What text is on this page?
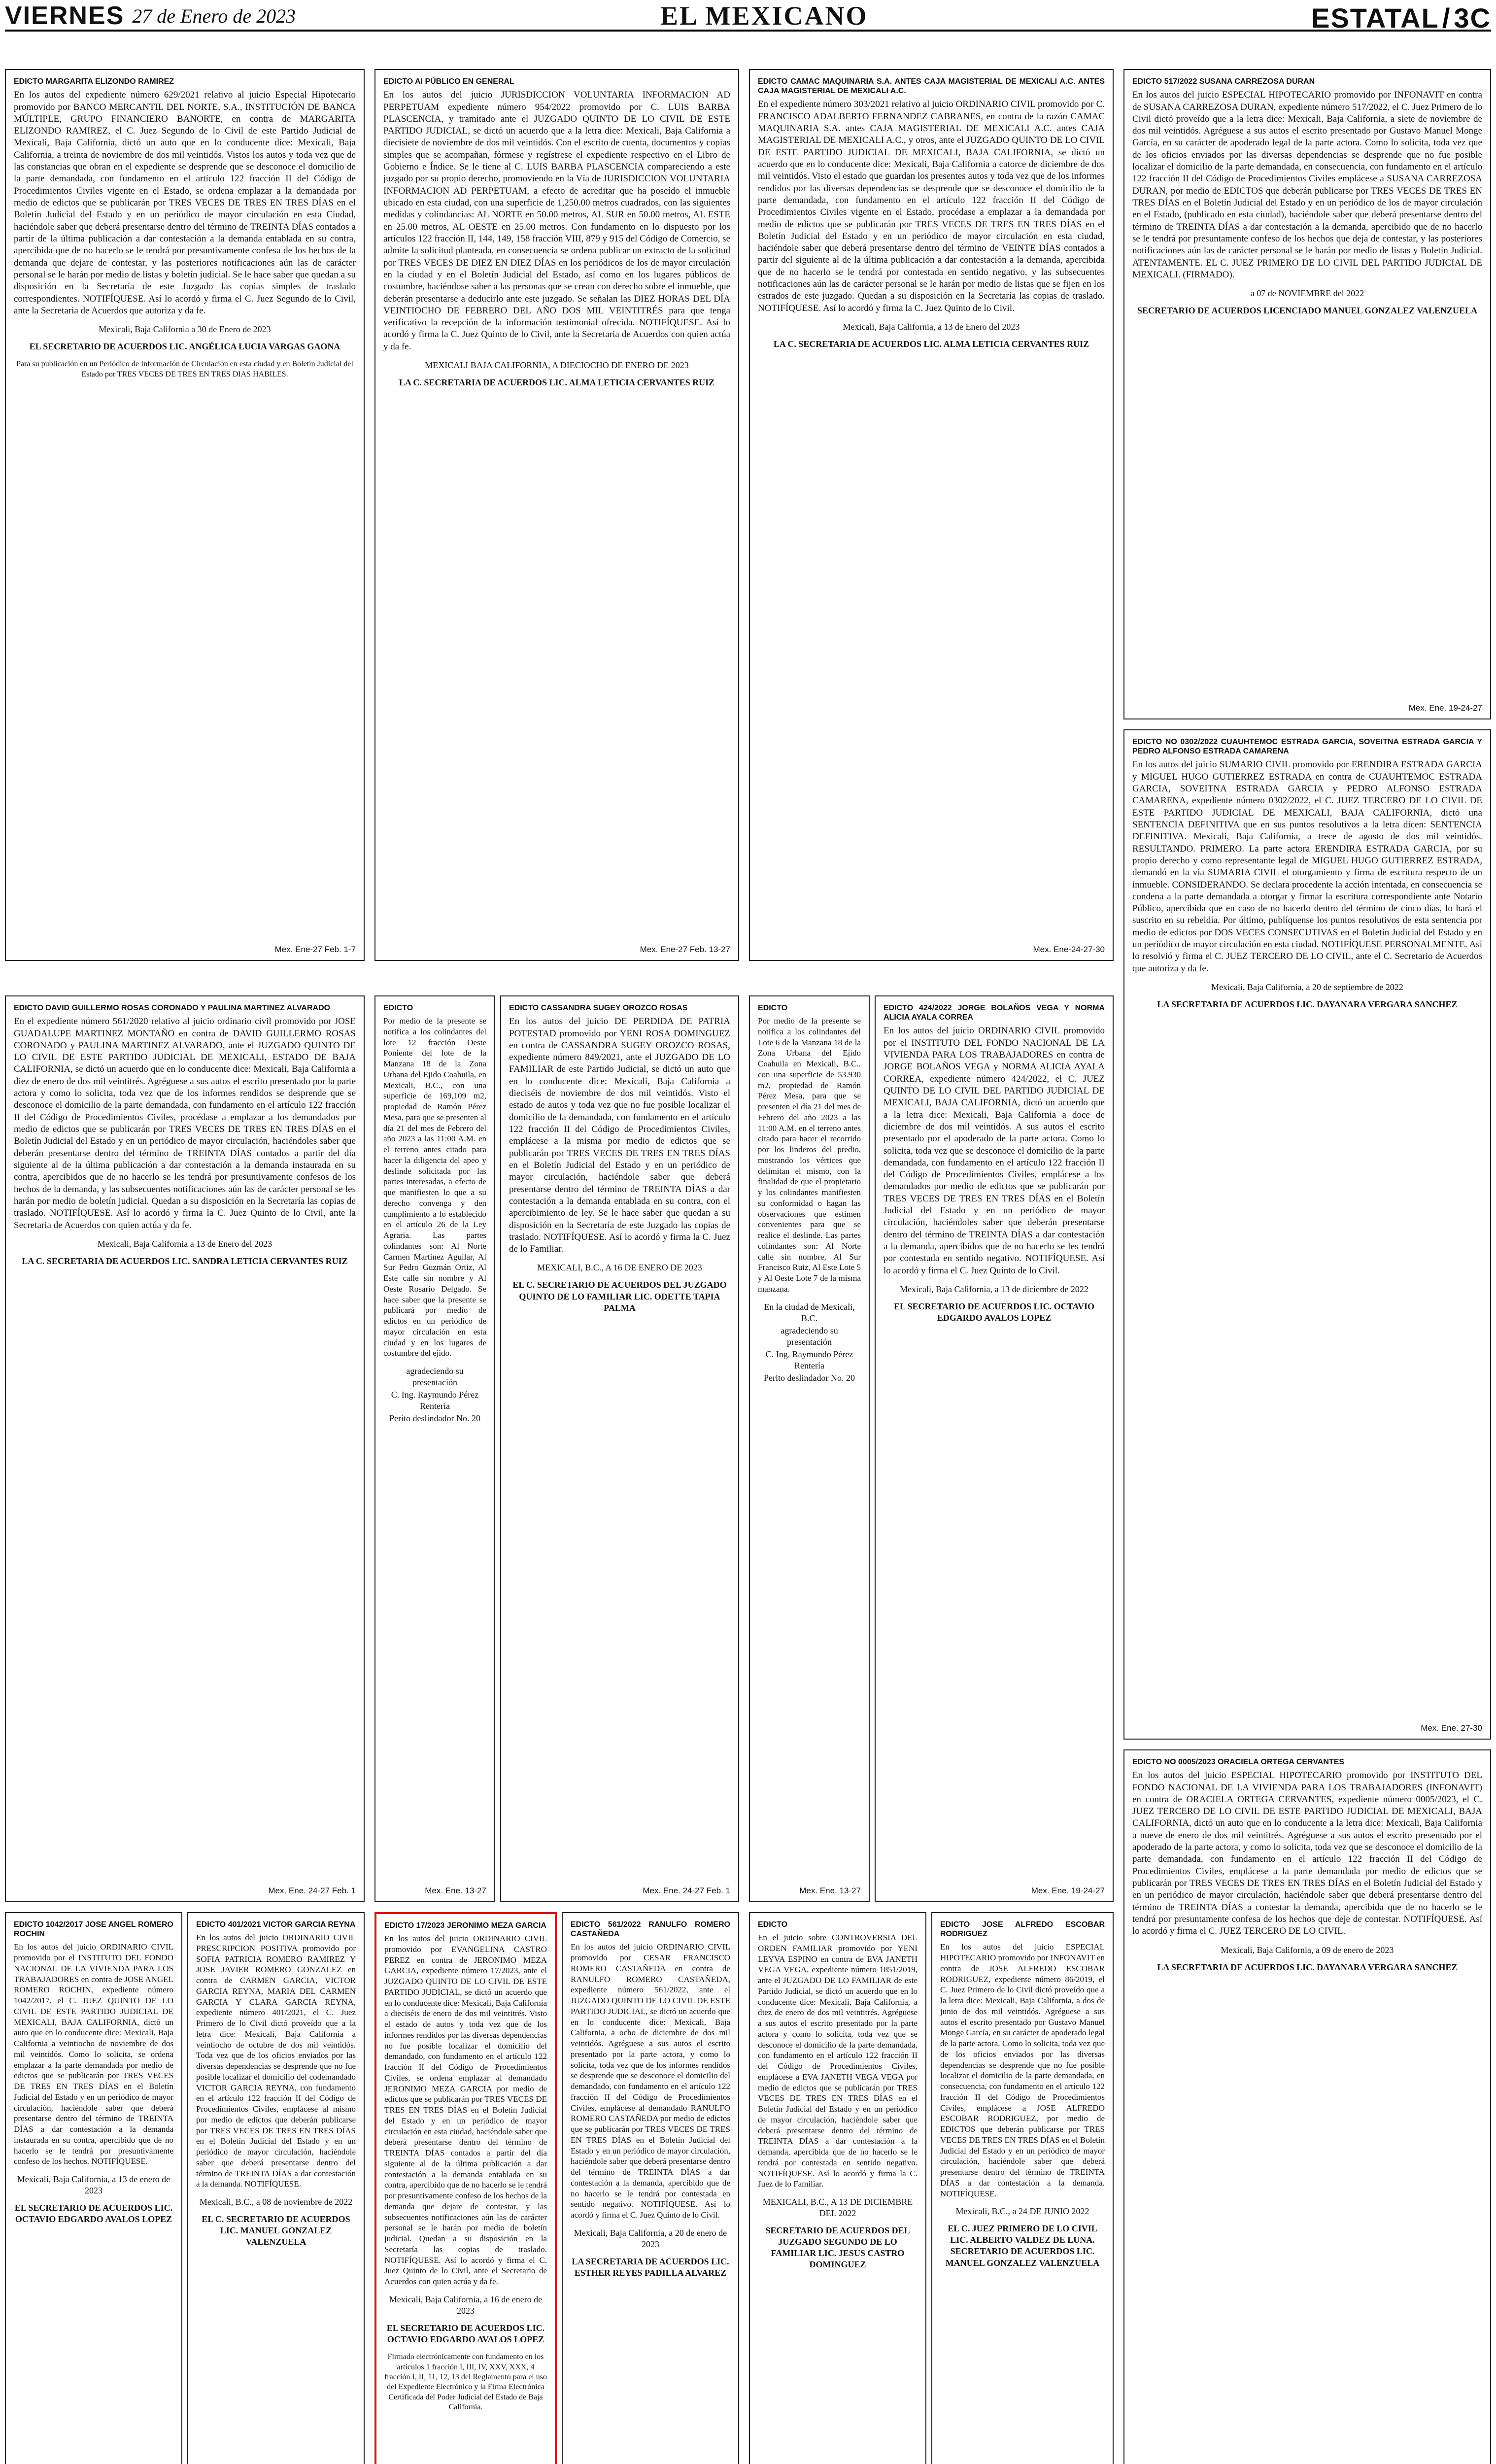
VIERNES 27 de Enero de 2023	EL MEXICANO	ESTATAL / 3C
EDICTO MARGARITA ELIZONDO RAMIREZ
En los autos del expediente número 629/2021 relativo al juicio Especial Hipotecario promovido por BANCO MERCANTIL DEL NORTE, S.A., INSTITUCIÓN DE BANCA MÚLTIPLE, GRUPO FINANCIERO BANORTE, en contra de MARGARITA ELIZONDO RAMIREZ, el C. Juez Segundo de lo Civil de este Partido Judicial de Mexicali, Baja California, dictó un auto que en lo conducente dice: Mexicali, Baja California, a treinta de noviembre de dos mil veintidós. Vistos los autos y toda vez que de las constancias que obran en el expediente se desprende que se desconoce el domicilio de la parte demandada, con fundamento en el artículo 122 fracción II del Código de Procedimientos Civiles vigente en el Estado, se ordena emplazar a la demandada por medio de edictos que se publicarán por TRES VECES DE TRES EN TRES DÍAS en el Boletín Judicial del Estado y en un periódico de mayor circulación en esta Ciudad, haciéndole saber que deberá presentarse dentro del término de TREINTA DÍAS contados a partir de la última publicación a dar contestación a la demanda entablada en su contra, apercibida que de no hacerlo se le tendrá por presuntivamente confesa de los hechos de la demanda que dejare de contestar, y las posteriores notificaciones aún las de carácter personal se le harán por medio de listas y boletín judicial. Se le hace saber que quedan a su disposición en la Secretaría de este Juzgado las copias simples de traslado correspondientes. NOTIFÍQUESE. Así lo acordó y firma el C. Juez Segundo de lo Civil, ante la Secretaria de Acuerdos que autoriza y da fe.
Mexicali, Baja California a 30 de Enero de 2023
EL SECRETARIO DE ACUERDOS LIC. ANGÉLICA LUCIA VARGAS GAONA
Para su publicación en un Periódico de Información de Circulación en esta ciudad y en Boletín Judicial del Estado por TRES VECES DE TRES EN TRES DIAS HABILES.
Mex. Ene-27 Feb. 1-7
EDICTO AI PÚBLICO EN GENERAL
En los autos del juicio JURISDICCION VOLUNTARIA INFORMACION AD PERPETUAM expediente número 954/2022 promovido por C. LUIS BARBA PLASCENCIA, y tramitado ante el JUZGADO QUINTO DE LO CIVIL DE ESTE PARTIDO JUDICIAL, se dictó un acuerdo que a la letra dice: Mexicali, Baja California a diecisiete de noviembre de dos mil veintidós. Con el escrito de cuenta, documentos y copias simples que se acompañan, fórmese y regístrese el expediente respectivo en el Libro de Gobierno e Índice. Se le tiene al C. LUIS BARBA PLASCENCIA compareciendo a este juzgado por su propio derecho, promoviendo en la Vía de JURISDICCION VOLUNTARIA INFORMACION AD PERPETUAM, a efecto de acreditar que ha poseído el inmueble ubicado en esta ciudad, con una superficie de 1,250.00 metros cuadrados, con las siguientes medidas y colindancias: AL NORTE en 50.00 metros, AL SUR en 50.00 metros, AL ESTE en 25.00 metros, AL OESTE en 25.00 metros. Con fundamento en lo dispuesto por los artículos 122 fracción II, 144, 149, 158 fracción VIII, 879 y 915 del Código de Comercio, se admite la solicitud planteada, en consecuencia se ordena publicar un extracto de la solicitud por TRES VECES DE DIEZ EN DIEZ DÍAS en los periódicos de los de mayor circulación en la ciudad y en el Boletín Judicial del Estado, así como en los lugares públicos de costumbre, haciéndose saber a las personas que se crean con derecho sobre el inmueble, que deberán presentarse a deducirlo ante este juzgado. Se señalan las DIEZ HORAS DEL DÍA VEINTIOCHO DE FEBRERO DEL AÑO DOS MIL VEINTITRÉS para que tenga verificativo la recepción de la información testimonial ofrecida. NOTIFÍQUESE. Así lo acordó y firma la C. Juez Quinto de lo Civil, ante la Secretaria de Acuerdos con quien actúa y da fe.
MEXICALI BAJA CALIFORNIA, A DIECIOCHO DE ENERO DE 2023
LA C. SECRETARIA DE ACUERDOS LIC. ALMA LETICIA CERVANTES RUIZ
Mex. Ene-27 Feb. 13-27
EDICTO CAMAC MAQUINARIA S.A. ANTES CAJA MAGISTERIAL DE MEXICALI A.C. ANTES CAJA MAGISTERIAL DE MEXICALI A.C.
En el expediente número 303/2021 relativo al juicio ORDINARIO CIVIL promovido por C. FRANCISCO ADALBERTO FERNANDEZ CABRANES, en contra de la razón CAMAC MAQUINARIA S.A. antes CAJA MAGISTERIAL DE MEXICALI A.C. antes CAJA MAGISTERIAL DE MEXICALI A.C., y otros, ante el JUZGADO QUINTO DE LO CIVIL DE ESTE PARTIDO JUDICIAL DE MEXICALI, BAJA CALIFORNIA, se dictó un acuerdo que en lo conducente dice: Mexicali, Baja California a catorce de diciembre de dos mil veintidós. Visto el estado que guardan los presentes autos y toda vez que de los informes rendidos por las diversas dependencias se desprende que se desconoce el domicilio de la parte demandada, con fundamento en el artículo 122 fracción II del Código de Procedimientos Civiles vigente en el Estado, procédase a emplazar a la demandada por medio de edictos que se publicarán por TRES VECES DE TRES EN TRES DÍAS en el Boletín Judicial del Estado y en un periódico de mayor circulación en esta ciudad, haciéndole saber que deberá presentarse dentro del término de VEINTE DÍAS contados a partir del siguiente al de la última publicación a dar contestación a la demanda, apercibida que de no hacerlo se le tendrá por contestada en sentido negativo, y las subsecuentes notificaciones aún las de carácter personal se le harán por medio de listas que se fijen en los estrados de este juzgado. Quedan a su disposición en la Secretaría las copias de traslado. NOTIFÍQUESE. Así lo acordó y firma la C. Juez Quinto de lo Civil.
Mexicali, Baja California, a 13 de Enero del 2023
LA C. SECRETARIA DE ACUERDOS LIC. ALMA LETICIA CERVANTES RUIZ
Mex. Ene-24-27-30
EDICTO 517/2022 SUSANA CARREZOSA DURAN
En los autos del juicio ESPECIAL HIPOTECARIO promovido por INFONAVIT en contra de SUSANA CARREZOSA DURAN, expediente número 517/2022, el C. Juez Primero de lo Civil dictó proveído que a la letra dice: Mexicali, Baja California, a siete de noviembre de dos mil veintidós. Agréguese a sus autos el escrito presentado por Gustavo Manuel Monge García, en su carácter de apoderado legal de la parte actora. Como lo solicita, toda vez que de los oficios enviados por las diversas dependencias se desprende que no fue posible localizar el domicilio de la parte demandada, en consecuencia, con fundamento en el artículo 122 fracción II del Código de Procedimientos Civiles emplácese a SUSANA CARREZOSA DURAN, por medio de EDICTOS que deberán publicarse por TRES VECES DE TRES EN TRES DÍAS en el Boletín Judicial del Estado y en un periódico de los de mayor circulación en el Estado, (publicado en esta ciudad), haciéndole saber que deberá presentarse dentro del término de TREINTA DÍAS a dar contestación a la demanda, apercibido que de no hacerlo se le tendrá por presuntamente confeso de los hechos que deja de contestar, y las posteriores notificaciones aún las de carácter personal se le harán por medio de listas y Boletín Judicial. ATENTAMENTE. EL C. JUEZ PRIMERO DE LO CIVIL DEL PARTIDO JUDICIAL DE MEXICALI. (FIRMADO).
a 07 de NOVIEMBRE del 2022
SECRETARIO DE ACUERDOS LICENCIADO MANUEL GONZALEZ VALENZUELA
Mex. Ene. 19-24-27
EDICTO NO 0302/2022 CUAUHTEMOC ESTRADA GARCIA, SOVEITNA ESTRADA GARCIA Y PEDRO ALFONSO ESTRADA CAMARENA
En los autos del juicio SUMARIO CIVIL promovido por ERENDIRA ESTRADA GARCIA y MIGUEL HUGO GUTIERREZ ESTRADA en contra de CUAUHTEMOC ESTRADA GARCIA, SOVEITNA ESTRADA GARCIA y PEDRO ALFONSO ESTRADA CAMARENA, expediente número 0302/2022, el C. JUEZ TERCERO DE LO CIVIL DE ESTE PARTIDO JUDICIAL DE MEXICALI, BAJA CALIFORNIA, dictó una SENTENCIA DEFINITIVA que en sus puntos resolutivos a la letra dicen: SENTENCIA DEFINITIVA. Mexicali, Baja California, a trece de agosto de dos mil veintidós. RESULTANDO. PRIMERO. La parte actora ERENDIRA ESTRADA GARCIA, por su propio derecho y como representante legal de MIGUEL HUGO GUTIERREZ ESTRADA, demandó en la vía SUMARIA CIVIL el otorgamiento y firma de escritura respecto de un inmueble. CONSIDERANDO. Se declara procedente la acción intentada, en consecuencia se condena a la parte demandada a otorgar y firmar la escritura correspondiente ante Notario Público, apercibida que en caso de no hacerlo dentro del término de cinco días, lo hará el suscrito en su rebeldía. Por último, publíquense los puntos resolutivos de esta sentencia por medio de edictos por DOS VECES CONSECUTIVAS en el Boletín Judicial del Estado y en un periódico de mayor circulación en esta ciudad. NOTIFÍQUESE PERSONALMENTE. Así lo resolvió y firma el C. JUEZ TERCERO DE LO CIVIL, ante el C. Secretario de Acuerdos que autoriza y da fe.
Mexicali, Baja California, a 20 de septiembre de 2022
LA SECRETARIA DE ACUERDOS LIC. DAYANARA VERGARA SANCHEZ
Mex. Ene. 27-30
EDICTO NO 0005/2023 ORACIELA ORTEGA CERVANTES
En los autos del juicio ESPECIAL HIPOTECARIO promovido por INSTITUTO DEL FONDO NACIONAL DE LA VIVIENDA PARA LOS TRABAJADORES (INFONAVIT) en contra de ORACIELA ORTEGA CERVANTES, expediente número 0005/2023, el C. JUEZ TERCERO DE LO CIVIL DE ESTE PARTIDO JUDICIAL DE MEXICALI, BAJA CALIFORNIA, dictó un auto que en lo conducente a la letra dice: Mexicali, Baja California a nueve de enero de dos mil veintitrés. Agréguese a sus autos el escrito presentado por el apoderado de la parte actora, y como lo solicita, toda vez que se desconoce el domicilio de la parte demandada, con fundamento en el artículo 122 fracción II del Código de Procedimientos Civiles, emplácese a la parte demandada por medio de edictos que se publicarán por TRES VECES DE TRES EN TRES DÍAS en el Boletín Judicial del Estado y en un periódico de mayor circulación, haciéndole saber que deberá presentarse dentro del término de TREINTA DÍAS a contestar la demanda, apercibida que de no hacerlo se le tendrá por presuntamente confesa de los hechos que deje de contestar. NOTIFÍQUESE. Así lo acordó y firma el C. JUEZ TERCERO DE LO CIVIL.
Mexicali, Baja California, a 09 de enero de 2023
LA SECRETARIA DE ACUERDOS LIC. DAYANARA VERGARA SANCHEZ
EDICTO DAVID GUILLERMO ROSAS CORONADO Y PAULINA MARTINEZ ALVARADO
En el expediente número 561/2020 relativo al juicio ordinario civil promovido por JOSE GUADALUPE MARTINEZ MONTAÑO en contra de DAVID GUILLERMO ROSAS CORONADO y PAULINA MARTINEZ ALVARADO, ante el JUZGADO QUINTO DE LO CIVIL DE ESTE PARTIDO JUDICIAL DE MEXICALI, ESTADO DE BAJA CALIFORNIA, se dictó un acuerdo que en lo conducente dice: Mexicali, Baja California a diez de enero de dos mil veintitrés. Agréguese a sus autos el escrito presentado por la parte actora y como lo solicita, toda vez que de los informes rendidos se desprende que se desconoce el domicilio de la parte demandada, con fundamento en el artículo 122 fracción II del Código de Procedimientos Civiles, procédase a emplazar a los demandados por medio de edictos que se publicarán por TRES VECES DE TRES EN TRES DÍAS en el Boletín Judicial del Estado y en un periódico de mayor circulación, haciéndoles saber que deberán presentarse dentro del término de TREINTA DÍAS contados a partir del día siguiente al de la última publicación a dar contestación a la demanda instaurada en su contra, apercibidos que de no hacerlo se les tendrá por presuntivamente confesos de los hechos de la demanda, y las subsecuentes notificaciones aún las de carácter personal se les harán por medio de boletín judicial. Quedan a su disposición en la Secretaría las copias de traslado. NOTIFÍQUESE. Así lo acordó y firma la C. Juez Quinto de lo Civil, ante la Secretaria de Acuerdos con quien actúa y da fe.
Mexicali, Baja California a 13 de Enero del 2023
LA C. SECRETARIA DE ACUERDOS LIC. SANDRA LETICIA CERVANTES RUIZ
Mex. Ene. 24-27 Feb. 1
EDICTO
Por medio de la presente se notifica a los colindantes del lote 12 fracción Oeste Poniente del lote de la Manzana 18 de la Zona Urbana del Ejido Coahuila, en Mexicali, B.C., con una superficie de 169,109 m2, propiedad de Ramón Pérez Mesa, para que se presenten al día 21 del mes de Febrero del año 2023 a las 11:00 A.M. en el terreno antes citado para hacer la diligencia del apeo y deslinde solicitada por las partes interesadas, a efecto de que manifiesten lo que a su derecho convenga y den cumplimiento a lo establecido en el artículo 26 de la Ley Agraria. Las partes colindantes son: Al Norte Carmen Martínez Aguilar, Al Sur Pedro Guzmán Ortiz, Al Este calle sin nombre y Al Oeste Rosario Delgado. Se hace saber que la presente se publicará por medio de edictos en un periódico de mayor circulación en esta ciudad y en los lugares de costumbre del ejido.
agradeciendo su presentación
C. Ing. Raymundo Pérez Rentería
Perito deslindador No. 20
Mex. Ene. 13-27
EDICTO CASSANDRA SUGEY OROZCO ROSAS
En los autos del juicio DE PERDIDA DE PATRIA POTESTAD promovido por YENI ROSA DOMINGUEZ en contra de CASSANDRA SUGEY OROZCO ROSAS, expediente número 849/2021, ante el JUZGADO DE LO FAMILIAR de este Partido Judicial, se dictó un auto que en lo conducente dice: Mexicali, Baja California a dieciséis de noviembre de dos mil veintidós. Visto el estado de autos y toda vez que no fue posible localizar el domicilio de la demandada, con fundamento en el artículo 122 fracción II del Código de Procedimientos Civiles, emplácese a la misma por medio de edictos que se publicarán por TRES VECES DE TRES EN TRES DÍAS en el Boletín Judicial del Estado y en un periódico de mayor circulación, haciéndole saber que deberá presentarse dentro del término de TREINTA DÍAS a dar contestación a la demanda entablada en su contra, con el apercibimiento de ley. Se le hace saber que quedan a su disposición en la Secretaría de este Juzgado las copias de traslado. NOTIFÍQUESE. Así lo acordó y firma la C. Juez de lo Familiar.
MEXICALI, B.C., A 16 DE ENERO DE 2023
EL C. SECRETARIO DE ACUERDOS DEL JUZGADO QUINTO DE LO FAMILIAR LIC. ODETTE TAPIA PALMA
Mex. Ene. 24-27 Feb. 1
EDICTO
Por medio de la presente se notifica a los colindantes del Lote 6 de la Manzana 18 de la Zona Urbana del Ejido Coahuila en Mexicali, B.C., con una superficie de 53.930 m2, propiedad de Ramón Pérez Mesa, para que se presenten el día 21 del mes de Febrero del año 2023 a las 11:00 A.M. en el terreno antes citado para hacer el recorrido por los linderos del predio, mostrando los vértices que delimitan el mismo, con la finalidad de que el propietario y los colindantes manifiesten su conformidad o hagan las observaciones que estimen convenientes para que se realice el deslinde. Las partes colindantes son: Al Norte calle sin nombre, Al Sur Francisco Ruiz, Al Este Lote 5 y Al Oeste Lote 7 de la misma manzana.
En la ciudad de Mexicali, B.C.
agradeciendo su presentación
C. Ing. Raymundo Pérez Rentería
Perito deslindador No. 20
Mex. Ene. 13-27
EDICTO 424/2022 JORGE BOLAÑOS VEGA Y NORMA ALICIA AYALA CORREA
En los autos del juicio ORDINARIO CIVIL promovido por el INSTITUTO DEL FONDO NACIONAL DE LA VIVIENDA PARA LOS TRABAJADORES en contra de JORGE BOLAÑOS VEGA y NORMA ALICIA AYALA CORREA, expediente número 424/2022, el C. JUEZ QUINTO DE LO CIVIL DEL PARTIDO JUDICIAL DE MEXICALI, BAJA CALIFORNIA, dictó un acuerdo que a la letra dice: Mexicali, Baja California a doce de diciembre de dos mil veintidós. A sus autos el escrito presentado por el apoderado de la parte actora. Como lo solicita, toda vez que se desconoce el domicilio de la parte demandada, con fundamento en el artículo 122 fracción II del Código de Procedimientos Civiles, emplácese a los demandados por medio de edictos que se publicarán por TRES VECES DE TRES EN TRES DÍAS en el Boletín Judicial del Estado y en un periódico de mayor circulación, haciéndoles saber que deberán presentarse dentro del término de TREINTA DÍAS a dar contestación a la demanda, apercibidos que de no hacerlo se les tendrá por contestada en sentido negativo. NOTIFÍQUESE. Así lo acordó y firma el C. Juez Quinto de lo Civil.
Mexicali, Baja California, a 13 de diciembre de 2022
EL SECRETARIO DE ACUERDOS LIC. OCTAVIO EDGARDO AVALOS LOPEZ
Mex. Ene. 19-24-27
EDICTO 1042/2017 JOSE ANGEL ROMERO ROCHIN
En los autos del juicio ORDINARIO CIVIL promovido por el INSTITUTO DEL FONDO NACIONAL DE LA VIVIENDA PARA LOS TRABAJADORES en contra de JOSE ANGEL ROMERO ROCHIN, expediente número 1042/2017, el C. JUEZ QUINTO DE LO CIVIL DE ESTE PARTIDO JUDICIAL DE MEXICALI, BAJA CALIFORNIA, dictó un auto que en lo conducente dice: Mexicali, Baja California a veintiocho de noviembre de dos mil veintidós. Como lo solicita, se ordena emplazar a la parte demandada por medio de edictos que se publicarán por TRES VECES DE TRES EN TRES DÍAS en el Boletín Judicial del Estado y en un periódico de mayor circulación, haciéndole saber que deberá presentarse dentro del término de TREINTA DÍAS a dar contestación a la demanda instaurada en su contra, apercibido que de no hacerlo se le tendrá por presuntivamente confeso de los hechos. NOTIFÍQUESE.
Mexicali, Baja California, a 13 de enero de 2023
EL SECRETARIO DE ACUERDOS LIC. OCTAVIO EDGARDO AVALOS LOPEZ
EDICTO 401/2021 VICTOR GARCIA REYNA
En los autos del juicio ORDINARIO CIVIL PRESCRIPCION POSITIVA promovido por SOFIA PATRICIA ROMERO RAMIREZ Y JOSE JAVIER ROMERO GONZALEZ en contra de CARMEN GARCIA, VICTOR GARCIA REYNA, MARIA DEL CARMEN GARCIA Y CLARA GARCIA REYNA, expediente número 401/2021, el C. Juez Primero de lo Civil dictó proveído que a la letra dice: Mexicali, Baja California a veintiocho de octubre de dos mil veintidós. Toda vez que de los oficios enviados por las diversas dependencias se desprende que no fue posible localizar el domicilio del codemandado VICTOR GARCIA REYNA, con fundamento en el artículo 122 fracción II del Código de Procedimientos Civiles, emplácese al mismo por medio de edictos que deberán publicarse por TRES VECES DE TRES EN TRES DÍAS en el Boletín Judicial del Estado y en un periódico de mayor circulación, haciéndole saber que deberá presentarse dentro del término de TREINTA DÍAS a dar contestación a la demanda. NOTIFÍQUESE.
Mexicali, B.C., a 08 de noviembre de 2022
EL C. SECRETARIO DE ACUERDOS LIC. MANUEL GONZALEZ VALENZUELA
EDICTO 17/2023 JERONIMO MEZA GARCIA
En los autos del juicio ORDINARIO CIVIL promovido por EVANGELINA CASTRO PEREZ en contra de JERONIMO MEZA GARCIA, expediente número 17/2023, ante el JUZGADO QUINTO DE LO CIVIL DE ESTE PARTIDO JUDICIAL, se dictó un acuerdo que en lo conducente dice: Mexicali, Baja California a dieciséis de enero de dos mil veintitrés. Visto el estado de autos y toda vez que de los informes rendidos por las diversas dependencias no fue posible localizar el domicilio del demandado, con fundamento en el artículo 122 fracción II del Código de Procedimientos Civiles, se ordena emplazar al demandado JERONIMO MEZA GARCIA por medio de edictos que se publicarán por TRES VECES DE TRES EN TRES DÍAS en el Boletín Judicial del Estado y en un periódico de mayor circulación en esta ciudad, haciéndole saber que deberá presentarse dentro del término de TREINTA DÍAS contados a partir del día siguiente al de la última publicación a dar contestación a la demanda entablada en su contra, apercibido que de no hacerlo se le tendrá por presuntivamente confeso de los hechos de la demanda que dejare de contestar, y las subsecuentes notificaciones aún las de carácter personal se le harán por medio de boletín judicial. Quedan a su disposición en la Secretaría las copias de traslado. NOTIFÍQUESE. Así lo acordó y firma el C. Juez Quinto de lo Civil, ante el Secretario de Acuerdos con quien actúa y da fe.
Mexicali, Baja California, a 16 de enero de 2023
EL SECRETARIO DE ACUERDOS LIC. OCTAVIO EDGARDO AVALOS LOPEZ
Firmado electrónicamente con fundamento en los artículos 1 fracción I, III, IV, XXV, XXX, 4 fracción I, II, 11, 12, 13 del Reglamento para el uso del Expediente Electrónico y la Firma Electrónica Certificada del Poder Judicial del Estado de Baja California.
EDICTO 561/2022 RANULFO ROMERO CASTAÑEDA
En los autos del juicio ORDINARIO CIVIL promovido por CESAR FRANCISCO ROMERO CASTAÑEDA en contra de RANULFO ROMERO CASTAÑEDA, expediente número 561/2022, ante el JUZGADO QUINTO DE LO CIVIL DE ESTE PARTIDO JUDICIAL, se dictó un acuerdo que en lo conducente dice: Mexicali, Baja California, a ocho de diciembre de dos mil veintidós. Agréguese a sus autos el escrito presentado por la parte actora, y como lo solicita, toda vez que de los informes rendidos se desprende que se desconoce el domicilio del demandado, con fundamento en el artículo 122 fracción II del Código de Procedimientos Civiles, emplácese al demandado RANULFO ROMERO CASTAÑEDA por medio de edictos que se publicarán por TRES VECES DE TRES EN TRES DÍAS en el Boletín Judicial del Estado y en un periódico de mayor circulación, haciéndole saber que deberá presentarse dentro del término de TREINTA DÍAS a dar contestación a la demanda, apercibido que de no hacerlo se le tendrá por contestada en sentido negativo. NOTIFÍQUESE. Así lo acordó y firma el C. Juez Quinto de lo Civil.
Mexicali, Baja California, a 20 de enero de 2023
LA SECRETARIA DE ACUERDOS LIC. ESTHER REYES PADILLA ALVAREZ
EDICTO
En el juicio sobre CONTROVERSIA DEL ORDEN FAMILIAR promovido por YENI LEYVA ESPINO en contra de EVA JANETH VEGA VEGA, expediente número 1851/2019, ante el JUZGADO DE LO FAMILIAR de este Partido Judicial, se dictó un acuerdo que en lo conducente dice: Mexicali, Baja California, a diez de enero de dos mil veintitrés. Agréguese a sus autos el escrito presentado por la parte actora y como lo solicita, toda vez que se desconoce el domicilio de la parte demandada, con fundamento en el artículo 122 fracción II del Código de Procedimientos Civiles, emplácese a EVA JANETH VEGA VEGA por medio de edictos que se publicarán por TRES VECES DE TRES EN TRES DÍAS en el Boletín Judicial del Estado y en un periódico de mayor circulación, haciéndole saber que deberá presentarse dentro del término de TREINTA DÍAS a dar contestación a la demanda, apercibida que de no hacerlo se le tendrá por contestada en sentido negativo. NOTIFÍQUESE. Así lo acordó y firma la C. Juez de lo Familiar.
MEXICALI, B.C., A 13 DE DICIEMBRE DEL 2022
SECRETARIO DE ACUERDOS DEL JUZGADO SEGUNDO DE LO FAMILIAR LIC. JESUS CASTRO DOMINGUEZ
EDICTO JOSE ALFREDO ESCOBAR RODRIGUEZ
En los autos del juicio ESPECIAL HIPOTECARIO promovido por INFONAVIT en contra de JOSE ALFREDO ESCOBAR RODRIGUEZ, expediente número 86/2019, el C. Juez Primero de lo Civil dictó proveído que a la letra dice: Mexicali, Baja California, a dos de junio de dos mil veintidós. Agréguese a sus autos el escrito presentado por Gustavo Manuel Monge García, en su carácter de apoderado legal de la parte actora. Como lo solicita, toda vez que de los oficios enviados por las diversas dependencias se desprende que no fue posible localizar el domicilio de la parte demandada, en consecuencia, con fundamento en el artículo 122 fracción II del Código de Procedimientos Civiles, emplácese a JOSE ALFREDO ESCOBAR RODRIGUEZ, por medio de EDICTOS que deberán publicarse por TRES VECES DE TRES EN TRES DÍAS en el Boletín Judicial del Estado y en un periódico de mayor circulación, haciéndole saber que deberá presentarse dentro del término de TREINTA DÍAS a dar contestación a la demanda. NOTIFÍQUESE.
Mexicali, B.C., a 24 DE JUNIO 2022
EL C. JUEZ PRIMERO DE LO CIVIL LIC. ALBERTO VALDEZ DE LUNA. SECRETARIO DE ACUERDOS LIC. MANUEL GONZALEZ VALENZUELA
